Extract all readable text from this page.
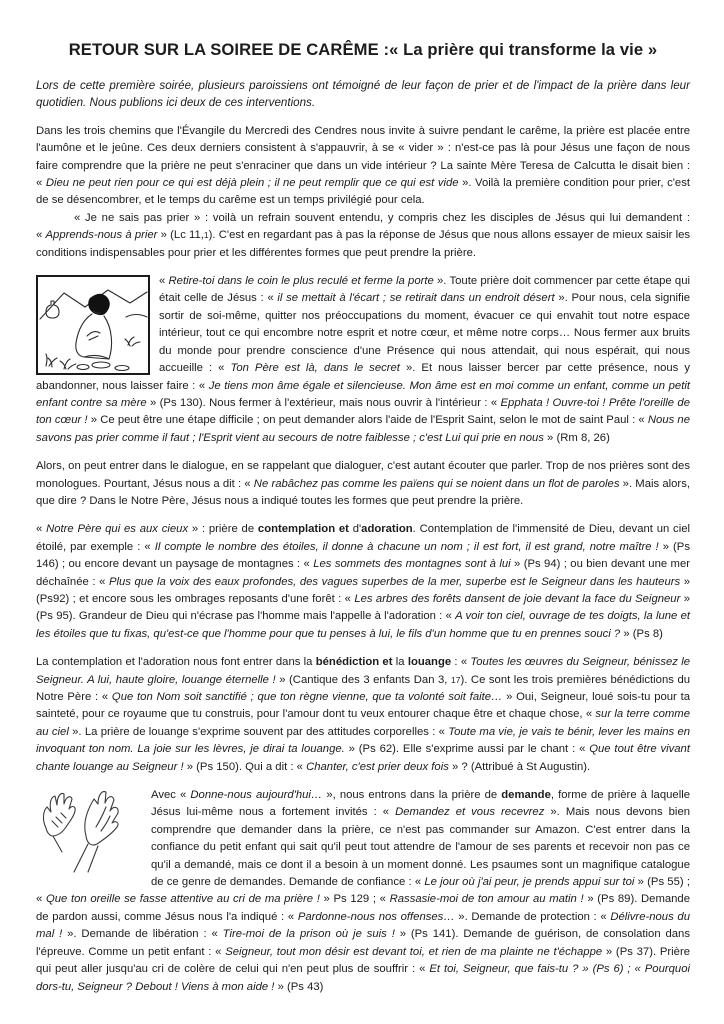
RETOUR SUR LA SOIREE DE CARÊME :« La prière qui transforme la vie »

Lors de cette première soirée, plusieurs paroissiens ont témoigné de leur façon de prier et de l'impact de la prière dans leur quotidien. Nous publions ici deux de ces interventions.

Dans les trois chemins que l'Évangile du Mercredi des Cendres nous invite à suivre pendant le carême, la prière est placée entre l'aumône et le jeûne. Ces deux derniers consistent à s'appauvrir, à se « vider » : n'est-ce pas là pour Jésus une façon de nous faire comprendre que la prière ne peut s'enraciner que dans un vide intérieur ? La sainte Mère Teresa de Calcutta le disait bien : « Dieu ne peut rien pour ce qui est déjà plein ; il ne peut remplir que ce qui est vide ». Voilà la première condition pour prier, c'est de se désencombrer, et le temps du carême est un temps privilégié pour cela.

« Je ne sais pas prier » : voilà un refrain souvent entendu, y compris chez les disciples de Jésus qui lui demandent : « Apprends-nous à prier » (Lc 11,1). C'est en regardant pas à pas la réponse de Jésus que nous allons essayer de mieux saisir les conditions indispensables pour prier et les différentes formes que peut prendre la prière.

« Retire-toi dans le coin le plus reculé et ferme la porte ». Toute prière doit commencer par cette étape qui était celle de Jésus : « il se mettait à l'écart ; se retirait dans un endroit désert ». Pour nous, cela signifie sortir de soi-même, quitter nos préoccupations du moment, évacuer ce qui envahit tout notre espace intérieur, tout ce qui encombre notre esprit et notre cœur, et même notre corps… Nous fermer aux bruits du monde pour prendre conscience d'une Présence qui nous attendait, qui nous espérait, qui nous accueille : « Ton Père est là, dans le secret ». Et nous laisser bercer par cette présence, nous y abandonner, nous laisser faire : « Je tiens mon âme égale et silencieuse. Mon âme est en moi comme un enfant, comme un petit enfant contre sa mère » (Ps 130). Nous fermer à l'extérieur, mais nous ouvrir à l'intérieur : « Epphata ! Ouvre-toi ! Prête l'oreille de ton cœur ! » Ce peut être une étape difficile ; on peut demander alors l'aide de l'Esprit Saint, selon le mot de saint Paul : « Nous ne savons pas prier comme il faut ; l'Esprit vient au secours de notre faiblesse ; c'est Lui qui prie en nous » (Rm 8, 26)

Alors, on peut entrer dans le dialogue, en se rappelant que dialoguer, c'est autant écouter que parler. Trop de nos prières sont des monologues. Pourtant, Jésus nous a dit : « Ne rabâchez pas comme les païens qui se noient dans un flot de paroles ». Mais alors, que dire ? Dans le Notre Père, Jésus nous a indiqué toutes les formes que peut prendre la prière.

« Notre Père qui es aux cieux » : prière de contemplation et d'adoration. Contemplation de l'immensité de Dieu, devant un ciel étoilé, par exemple : « Il compte le nombre des étoiles, il donne à chacune un nom ; il est fort, il est grand, notre maître ! » (Ps 146) ; ou encore devant un paysage de montagnes : « Les sommets des montagnes sont à lui » (Ps 94) ; ou bien devant une mer déchaînée : « Plus que la voix des eaux profondes, des vagues superbes de la mer, superbe est le Seigneur dans les hauteurs » (Ps92) ; et encore sous les ombrages reposants d'une forêt : « Les arbres des forêts dansent de joie devant la face du Seigneur » (Ps 95). Grandeur de Dieu qui n'écrase pas l'homme mais l'appelle à l'adoration : « A voir ton ciel, ouvrage de tes doigts, la lune et les étoiles que tu fixas, qu'est-ce que l'homme pour que tu penses à lui, le fils d'un homme que tu en prennes souci ? » (Ps 8)

La contemplation et l'adoration nous font entrer dans la bénédiction et la louange : « Toutes les œuvres du Seigneur, bénissez le Seigneur. A lui, haute gloire, louange éternelle ! » (Cantique des 3 enfants Dan 3, 17). Ce sont les trois premières bénédictions du Notre Père : « Que ton Nom soit sanctifié ; que ton règne vienne, que ta volonté soit faite… » Oui, Seigneur, loué sois-tu pour ta sainteté, pour ce royaume que tu construis, pour l'amour dont tu veux entourer chaque être et chaque chose, « sur la terre comme au ciel ». La prière de louange s'exprime souvent par des attitudes corporelles : « Toute ma vie, je vais te bénir, lever les mains en invoquant ton nom. La joie sur les lèvres, je dirai ta louange. » (Ps 62). Elle s'exprime aussi par le chant : « Que tout être vivant chante louange au Seigneur ! » (Ps 150). Qui a dit : « Chanter, c'est prier deux fois » ? (Attribué à St Augustin).

Avec « Donne-nous aujourd'hui… », nous entrons dans la prière de demande, forme de prière à laquelle Jésus lui-même nous a fortement invités : « Demandez et vous recevrez ». Mais nous devons bien comprendre que demander dans la prière, ce n'est pas commander sur Amazon. C'est entrer dans la confiance du petit enfant qui sait qu'il peut tout attendre de l'amour de ses parents et recevoir non pas ce qu'il a demandé, mais ce dont il a besoin à un moment donné. Les psaumes sont un magnifique catalogue de ce genre de demandes. Demande de confiance : « Le jour où j'ai peur, je prends appui sur toi » (Ps 55) ; « Que ton oreille se fasse attentive au cri de ma prière ! » Ps 129 ; « Rassasie-moi de ton amour au matin ! » (Ps 89). Demande de pardon aussi, comme Jésus nous l'a indiqué : « Pardonne-nous nos offenses… ». Demande de protection : « Délivre-nous du mal ! ». Demande de libération : « Tire-moi de la prison où je suis ! » (Ps 141). Demande de guérison, de consolation dans l'épreuve. Comme un petit enfant : « Seigneur, tout mon désir est devant toi, et rien de ma plainte ne t'échappe » (Ps 37). Prière qui peut aller jusqu'au cri de colère de celui qui n'en peut plus de souffrir : « Et toi, Seigneur, que fais-tu ? » (Ps 6) ; « Pourquoi dors-tu, Seigneur ? Debout ! Viens à mon aide ! » (Ps 43)
